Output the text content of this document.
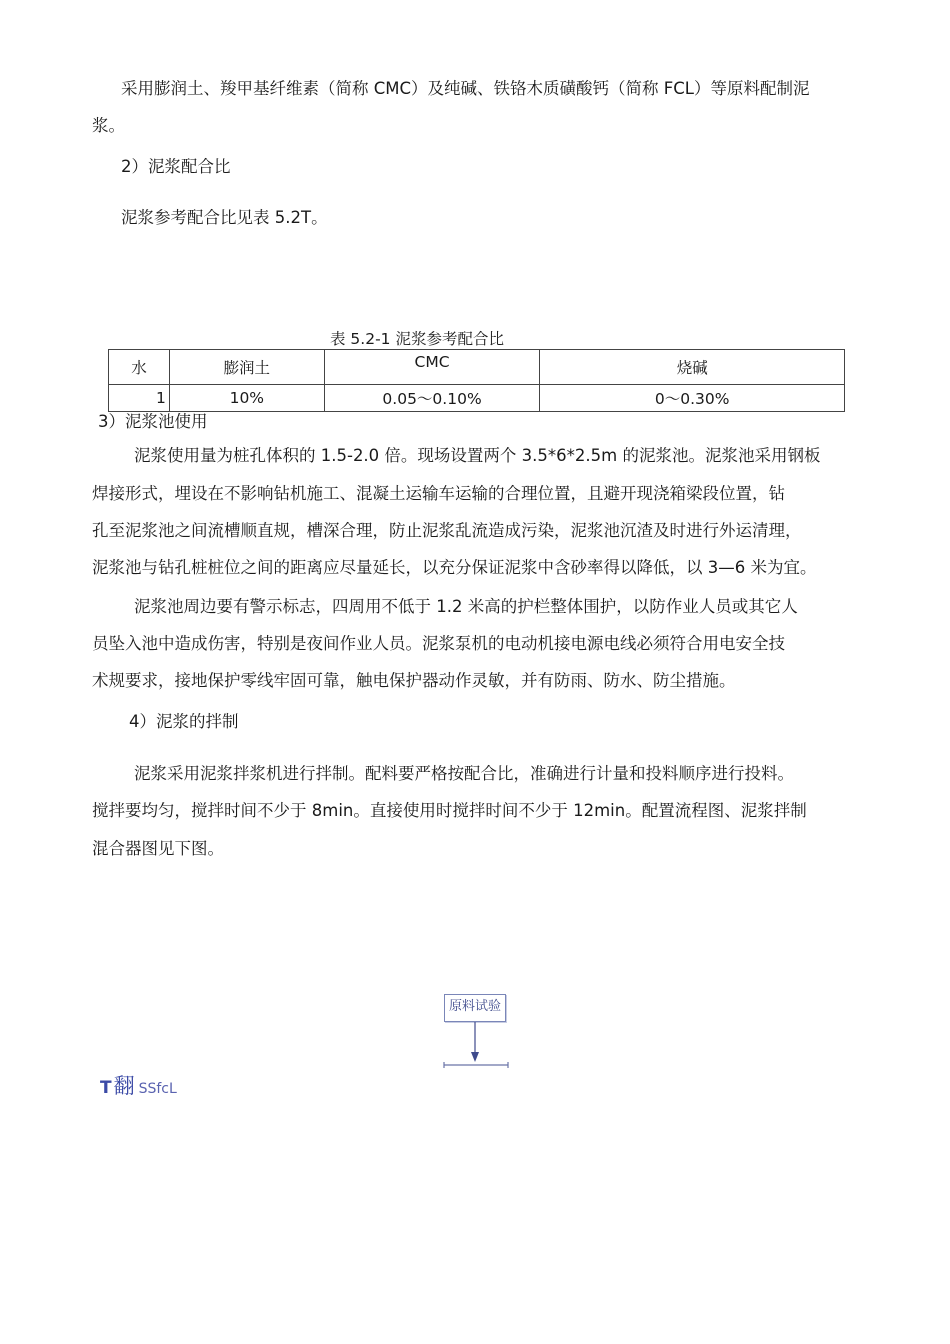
采用膨润土、羧甲基纤维素（简称 CMC）及纯碱、铁铬木质磺酸钙（简称 FCL）等原料配制泥
浆。
2）泥浆配合比
泥浆参考配合比见表 5.2T。
表 5.2-1 泥浆参考配合比
水	膨润土	CMC	烧碱
1	10%	0.05〜0.10%	0〜0.30%
3）泥浆池使用
泥浆使用量为桩孔体积的 1.5-2.0 倍。现场设置两个 3.5*6*2.5m 的泥浆池。泥浆池采用钢板
焊接形式，埋设在不影响钻机施工、混凝土运输车运输的合理位置，且避开现浇箱梁段位置，钻
孔至泥浆池之间流槽顺直规，槽深合理，防止泥浆乱流造成污染，泥浆池沉渣及时进行外运清理，
泥浆池与钻孔桩桩位之间的距离应尽量延长，以充分保证泥浆中含砂率得以降低，以 3—6 米为宜。
泥浆池周边要有警示标志，四周用不低于 1.2 米高的护栏整体围护，以防作业人员或其它人
员坠入池中造成伤害，特别是夜间作业人员。泥浆泵机的电动机接电源电线必须符合用电安全技
术规要求，接地保护零线牢固可靠，触电保护器动作灵敏，并有防雨、防水、防尘措施。
4）泥浆的拌制
泥浆采用泥浆拌浆机进行拌制。配料要严格按配合比，准确进行计量和投料顺序进行投料。
搅拌要均匀，搅拌时间不少于 8min。直接使用时搅拌时间不少于 12min。配置流程图、泥浆拌制
混合器图见下图。
原料试验
T翻 SSfcL
